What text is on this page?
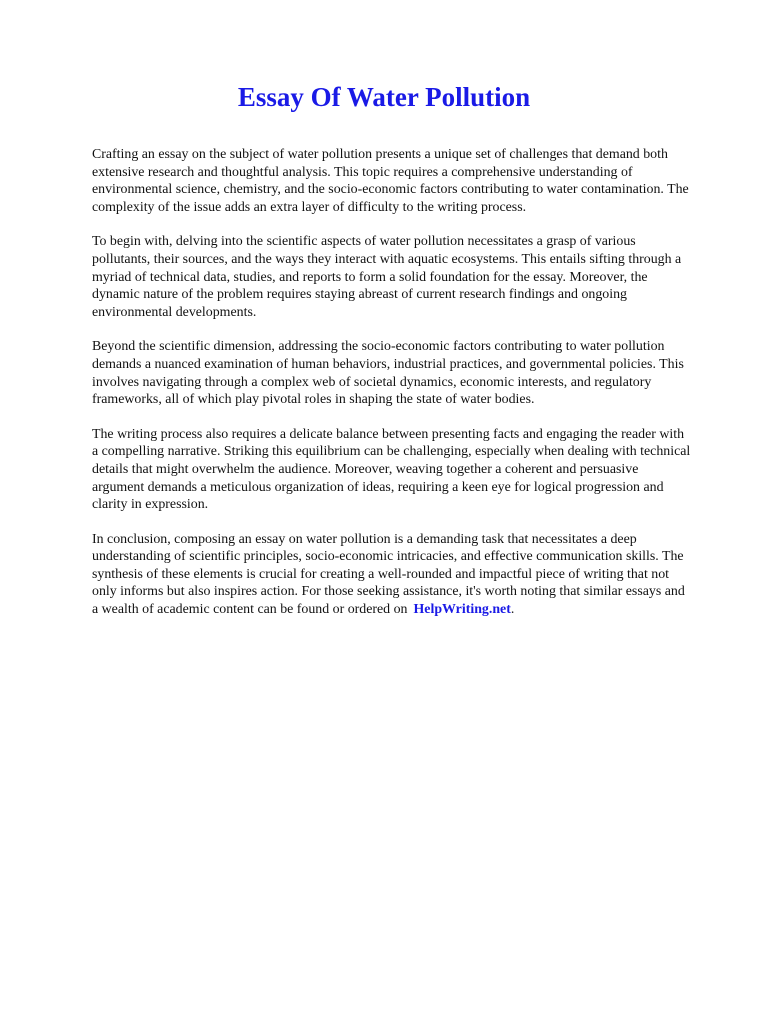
Essay Of Water Pollution

Crafting an essay on the subject of water pollution presents a unique set of challenges that demand both extensive research and thoughtful analysis. This topic requires a comprehensive understanding of environmental science, chemistry, and the socio-economic factors contributing to water contamination. The complexity of the issue adds an extra layer of difficulty to the writing process.

To begin with, delving into the scientific aspects of water pollution necessitates a grasp of various pollutants, their sources, and the ways they interact with aquatic ecosystems. This entails sifting through a myriad of technical data, studies, and reports to form a solid foundation for the essay. Moreover, the dynamic nature of the problem requires staying abreast of current research findings and ongoing environmental developments.

Beyond the scientific dimension, addressing the socio-economic factors contributing to water pollution demands a nuanced examination of human behaviors, industrial practices, and governmental policies. This involves navigating through a complex web of societal dynamics, economic interests, and regulatory frameworks, all of which play pivotal roles in shaping the state of water bodies.

The writing process also requires a delicate balance between presenting facts and engaging the reader with a compelling narrative. Striking this equilibrium can be challenging, especially when dealing with technical details that might overwhelm the audience. Moreover, weaving together a coherent and persuasive argument demands a meticulous organization of ideas, requiring a keen eye for logical progression and clarity in expression.

In conclusion, composing an essay on water pollution is a demanding task that necessitates a deep understanding of scientific principles, socio-economic intricacies, and effective communication skills. The synthesis of these elements is crucial for creating a well-rounded and impactful piece of writing that not only informs but also inspires action. For those seeking assistance, it's worth noting that similar essays and a wealth of academic content can be found or ordered on HelpWriting.net.
